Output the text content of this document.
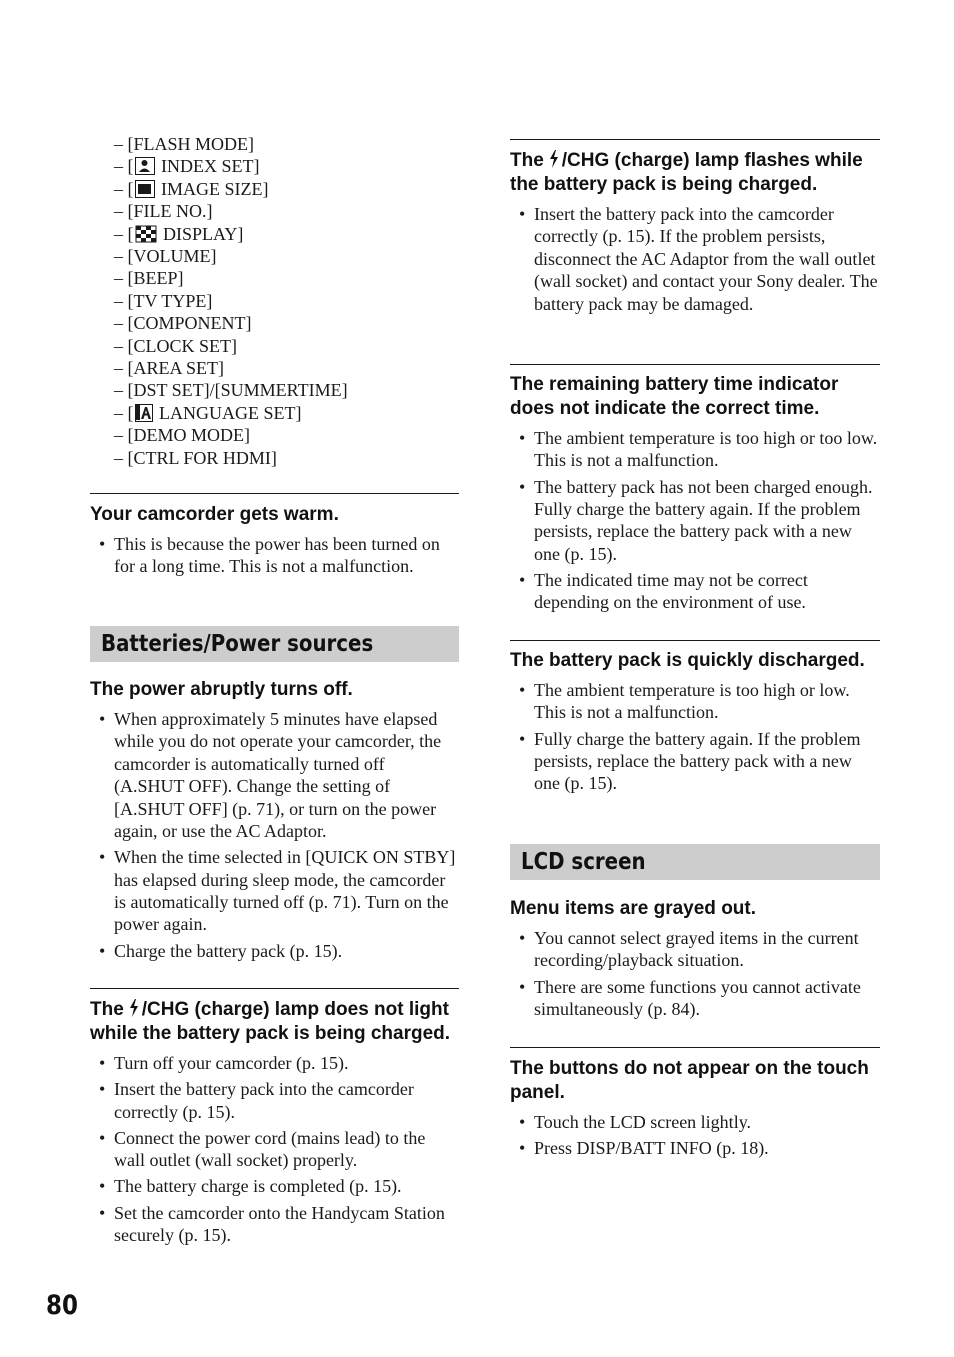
– [FLASH MODE]
– [ INDEX SET]
– [ IMAGE SIZE]
– [FILE NO.]
– [ DISPLAY]
– [VOLUME]
– [BEEP]
– [TV TYPE]
– [COMPONENT]
– [CLOCK SET]
– [AREA SET]
– [DST SET]/[SUMMERTIME]
– [ LANGUAGE SET]
– [DEMO MODE]
– [CTRL FOR HDMI]
Your camcorder gets warm.
• This is because the power has been turned on for a long time. This is not a malfunction.
Batteries/Power sources
The power abruptly turns off.
• When approximately 5 minutes have elapsed while you do not operate your camcorder, the camcorder is automatically turned off (A.SHUT OFF). Change the setting of [A.SHUT OFF] (p. 71), or turn on the power again, or use the AC Adaptor.
• When the time selected in [QUICK ON STBY] has elapsed during sleep mode, the camcorder is automatically turned off (p. 71). Turn on the power again.
• Charge the battery pack (p. 15).
The /CHG (charge) lamp does not light while the battery pack is being charged.
• Turn off your camcorder (p. 15).
• Insert the battery pack into the camcorder correctly (p. 15).
• Connect the power cord (mains lead) to the wall outlet (wall socket) properly.
• The battery charge is completed (p. 15).
• Set the camcorder onto the Handycam Station securely (p. 15).
The /CHG (charge) lamp flashes while the battery pack is being charged.
• Insert the battery pack into the camcorder correctly (p. 15). If the problem persists, disconnect the AC Adaptor from the wall outlet (wall socket) and contact your Sony dealer. The battery pack may be damaged.
The remaining battery time indicator does not indicate the correct time.
• The ambient temperature is too high or too low. This is not a malfunction.
• The battery pack has not been charged enough. Fully charge the battery again. If the problem persists, replace the battery pack with a new one (p. 15).
• The indicated time may not be correct depending on the environment of use.
The battery pack is quickly discharged.
• The ambient temperature is too high or low. This is not a malfunction.
• Fully charge the battery again. If the problem persists, replace the battery pack with a new one (p. 15).
LCD screen
Menu items are grayed out.
• You cannot select grayed items in the current recording/playback situation.
• There are some functions you cannot activate simultaneously (p. 84).
The buttons do not appear on the touch panel.
• Touch the LCD screen lightly.
• Press DISP/BATT INFO (p. 18).
80
